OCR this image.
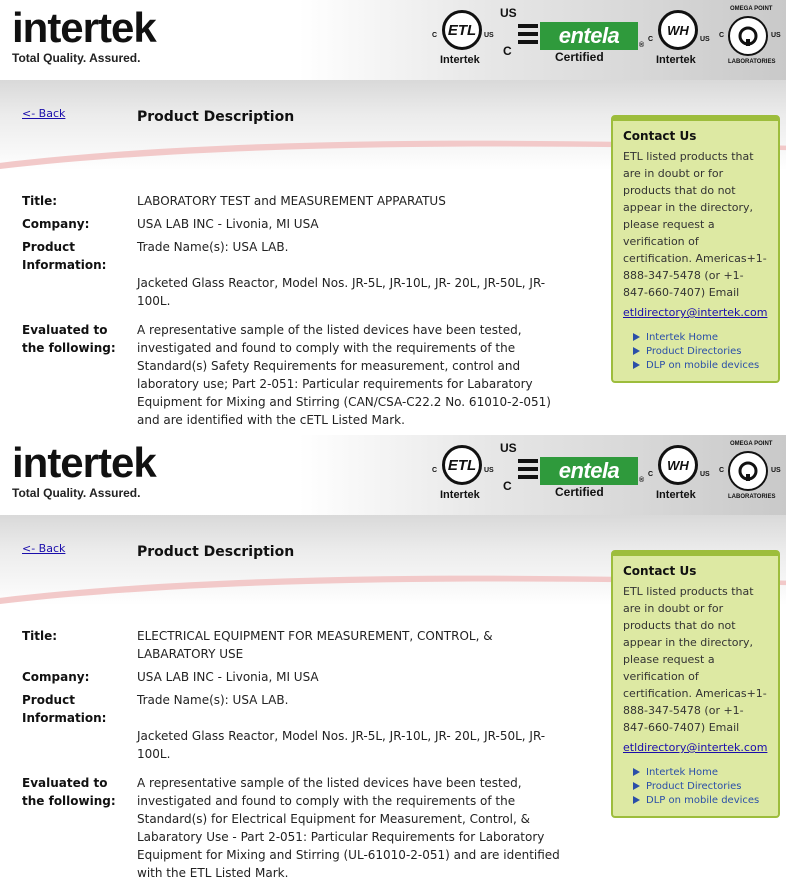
intertek
Total Quality. Assured.
ETL
C	US
Intertek
US
C
entela	®
Certified
WH
C	US
Intertek
OMEGA POINT
LABORATORIES
C	US
<- Back	Product Description
Title:	LABORATORY TEST and MEASUREMENT APPARATUS
Company:	USA LAB INC - Livonia, MI USA
Product Information:
Trade Name(s): USA LAB.
Jacketed Glass Reactor, Model Nos. JR-5L, JR-10L, JR- 20L, JR-50L, JR-100L.
Evaluated to the following:
A representative sample of the listed devices have been tested, investigated and found to comply with the requirements of the Standard(s) Safety Requirements for measurement, control and laboratory use; Part 2-051: Particular requirements for Labaratory Equipment for Mixing and Stirring (CAN/CSA-C22.2 No. 61010-2-051) and are identified with the cETL Listed Mark.
Contact Us
ETL listed products that are in doubt or for products that do not appear in the directory, please request a verification of certification. Americas+1-888-347-5478 (or +1-847-660-7407) Email
etldirectory@intertek.com
Intertek Home
Product Directories
DLP on mobile devices
intertek
Total Quality. Assured.
ETL
C	US
Intertek
US
C
entela	®
Certified
WH
C	US
Intertek
OMEGA POINT
LABORATORIES
C	US
<- Back	Product Description
Title:	ELECTRICAL EQUIPMENT FOR MEASUREMENT, CONTROL, & LABARATORY USE
Company:	USA LAB INC - Livonia, MI USA
Product Information:
Trade Name(s): USA LAB.
Jacketed Glass Reactor, Model Nos. JR-5L, JR-10L, JR- 20L, JR-50L, JR-100L.
Evaluated to the following:
A representative sample of the listed devices have been tested, investigated and found to comply with the requirements of the Standard(s) for Electrical Equipment for Measurement, Control, & Labaratory Use - Part 2-051: Particular Requirements for Laboratory Equipment for Mixing and Stirring (UL-61010-2-051) and are identified with the ETL Listed Mark.
Contact Us
ETL listed products that are in doubt or for products that do not appear in the directory, please request a verification of certification. Americas+1-888-347-5478 (or +1-847-660-7407) Email
etldirectory@intertek.com
Intertek Home
Product Directories
DLP on mobile devices
